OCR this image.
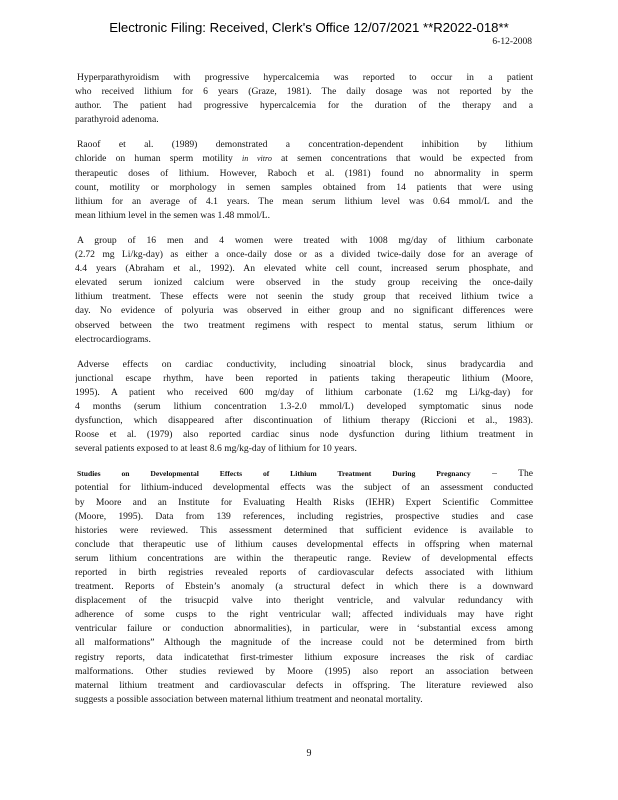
Electronic Filing: Received, Clerk's Office 12/07/2021 **R2022-018**
6-12-2008
Hyperparathyroidism with progressive hypercalcemia was reported to occur in a patient
who received lithium for 6 years (Graze, 1981). The daily dosage was not reported by the
author. The patient had progressive hypercalcemia for the duration of the therapy and a
parathyroid adenoma.
Raoof et al. (1989) demonstrated a concentration-dependent inhibition by lithium
chloride on human sperm motility in vitro at semen concentrations that would be expected from
therapeutic doses of lithium. However, Raboch et al. (1981) found no abnormality in sperm
count, motility or morphology in semen samples obtained from 14 patients that were using
lithium for an average of 4.1 years. The mean serum lithium level was 0.64 mmol/L and the
mean lithium level in the semen was 1.48 mmol/L.
A group of 16 men and 4 women were treated with 1008 mg/day of lithium carbonate
(2.72 mg Li/kg-day) as either a once-daily dose or as a divided twice-daily dose for an average of
4.4 years (Abraham et al., 1992). An elevated white cell count, increased serum phosphate, and
elevated serum ionized calcium were observed in the study group receiving the once-daily
lithium treatment. These effects were not seenin the study group that received lithium twice a
day. No evidence of polyuria was observed in either group and no significant differences were
observed between the two treatment regimens with respect to mental status, serum lithium or
electrocardiograms.
Adverse effects on cardiac conductivity, including sinoatrial block, sinus bradycardia and
junctional escape rhythm, have been reported in patients taking therapeutic lithium (Moore,
1995). A patient who received 600 mg/day of lithium carbonate (1.62 mg Li/kg-day) for
4 months (serum lithium concentration 1.3-2.0 mmol/L) developed symptomatic sinus node
dysfunction, which disappeared after discontinuation of lithium therapy (Riccioni et al., 1983).
Roose et al. (1979) also reported cardiac sinus node dysfunction during lithium treatment in
several patients exposed to at least 8.6 mg/kg-day of lithium for 10 years.
Studies on Developmental Effects of Lithium Treatment During Pregnancy – The
potential for lithium-induced developmental effects was the subject of an assessment conducted
by Moore and an Institute for Evaluating Health Risks (IEHR) Expert Scientific Committee
(Moore, 1995). Data from 139 references, including registries, prospective studies and case
histories were reviewed. This assessment determined that sufficient evidence is available to
conclude that therapeutic use of lithium causes developmental effects in offspring when maternal
serum lithium concentrations are within the therapeutic range. Review of developmental effects
reported in birth registries revealed reports of cardiovascular defects associated with lithium
treatment. Reports of Ebstein’s anomaly (a structural defect in which there is a downward
displacement of the trisucpid valve into theright ventricle, and valvular redundancy with
adherence of some cusps to the right ventricular wall; affected individuals may have right
ventricular failure or conduction abnormalities), in particular, were in ‘substantial excess among
all malformations” Although the magnitude of the increase could not be determined from birth
registry reports, data indicatethat first-trimester lithium exposure increases the risk of cardiac
malformations. Other studies reviewed by Moore (1995) also report an association between
maternal lithium treatment and cardiovascular defects in offspring. The literature reviewed also
suggests a possible association between maternal lithium treatment and neonatal mortality.
9
